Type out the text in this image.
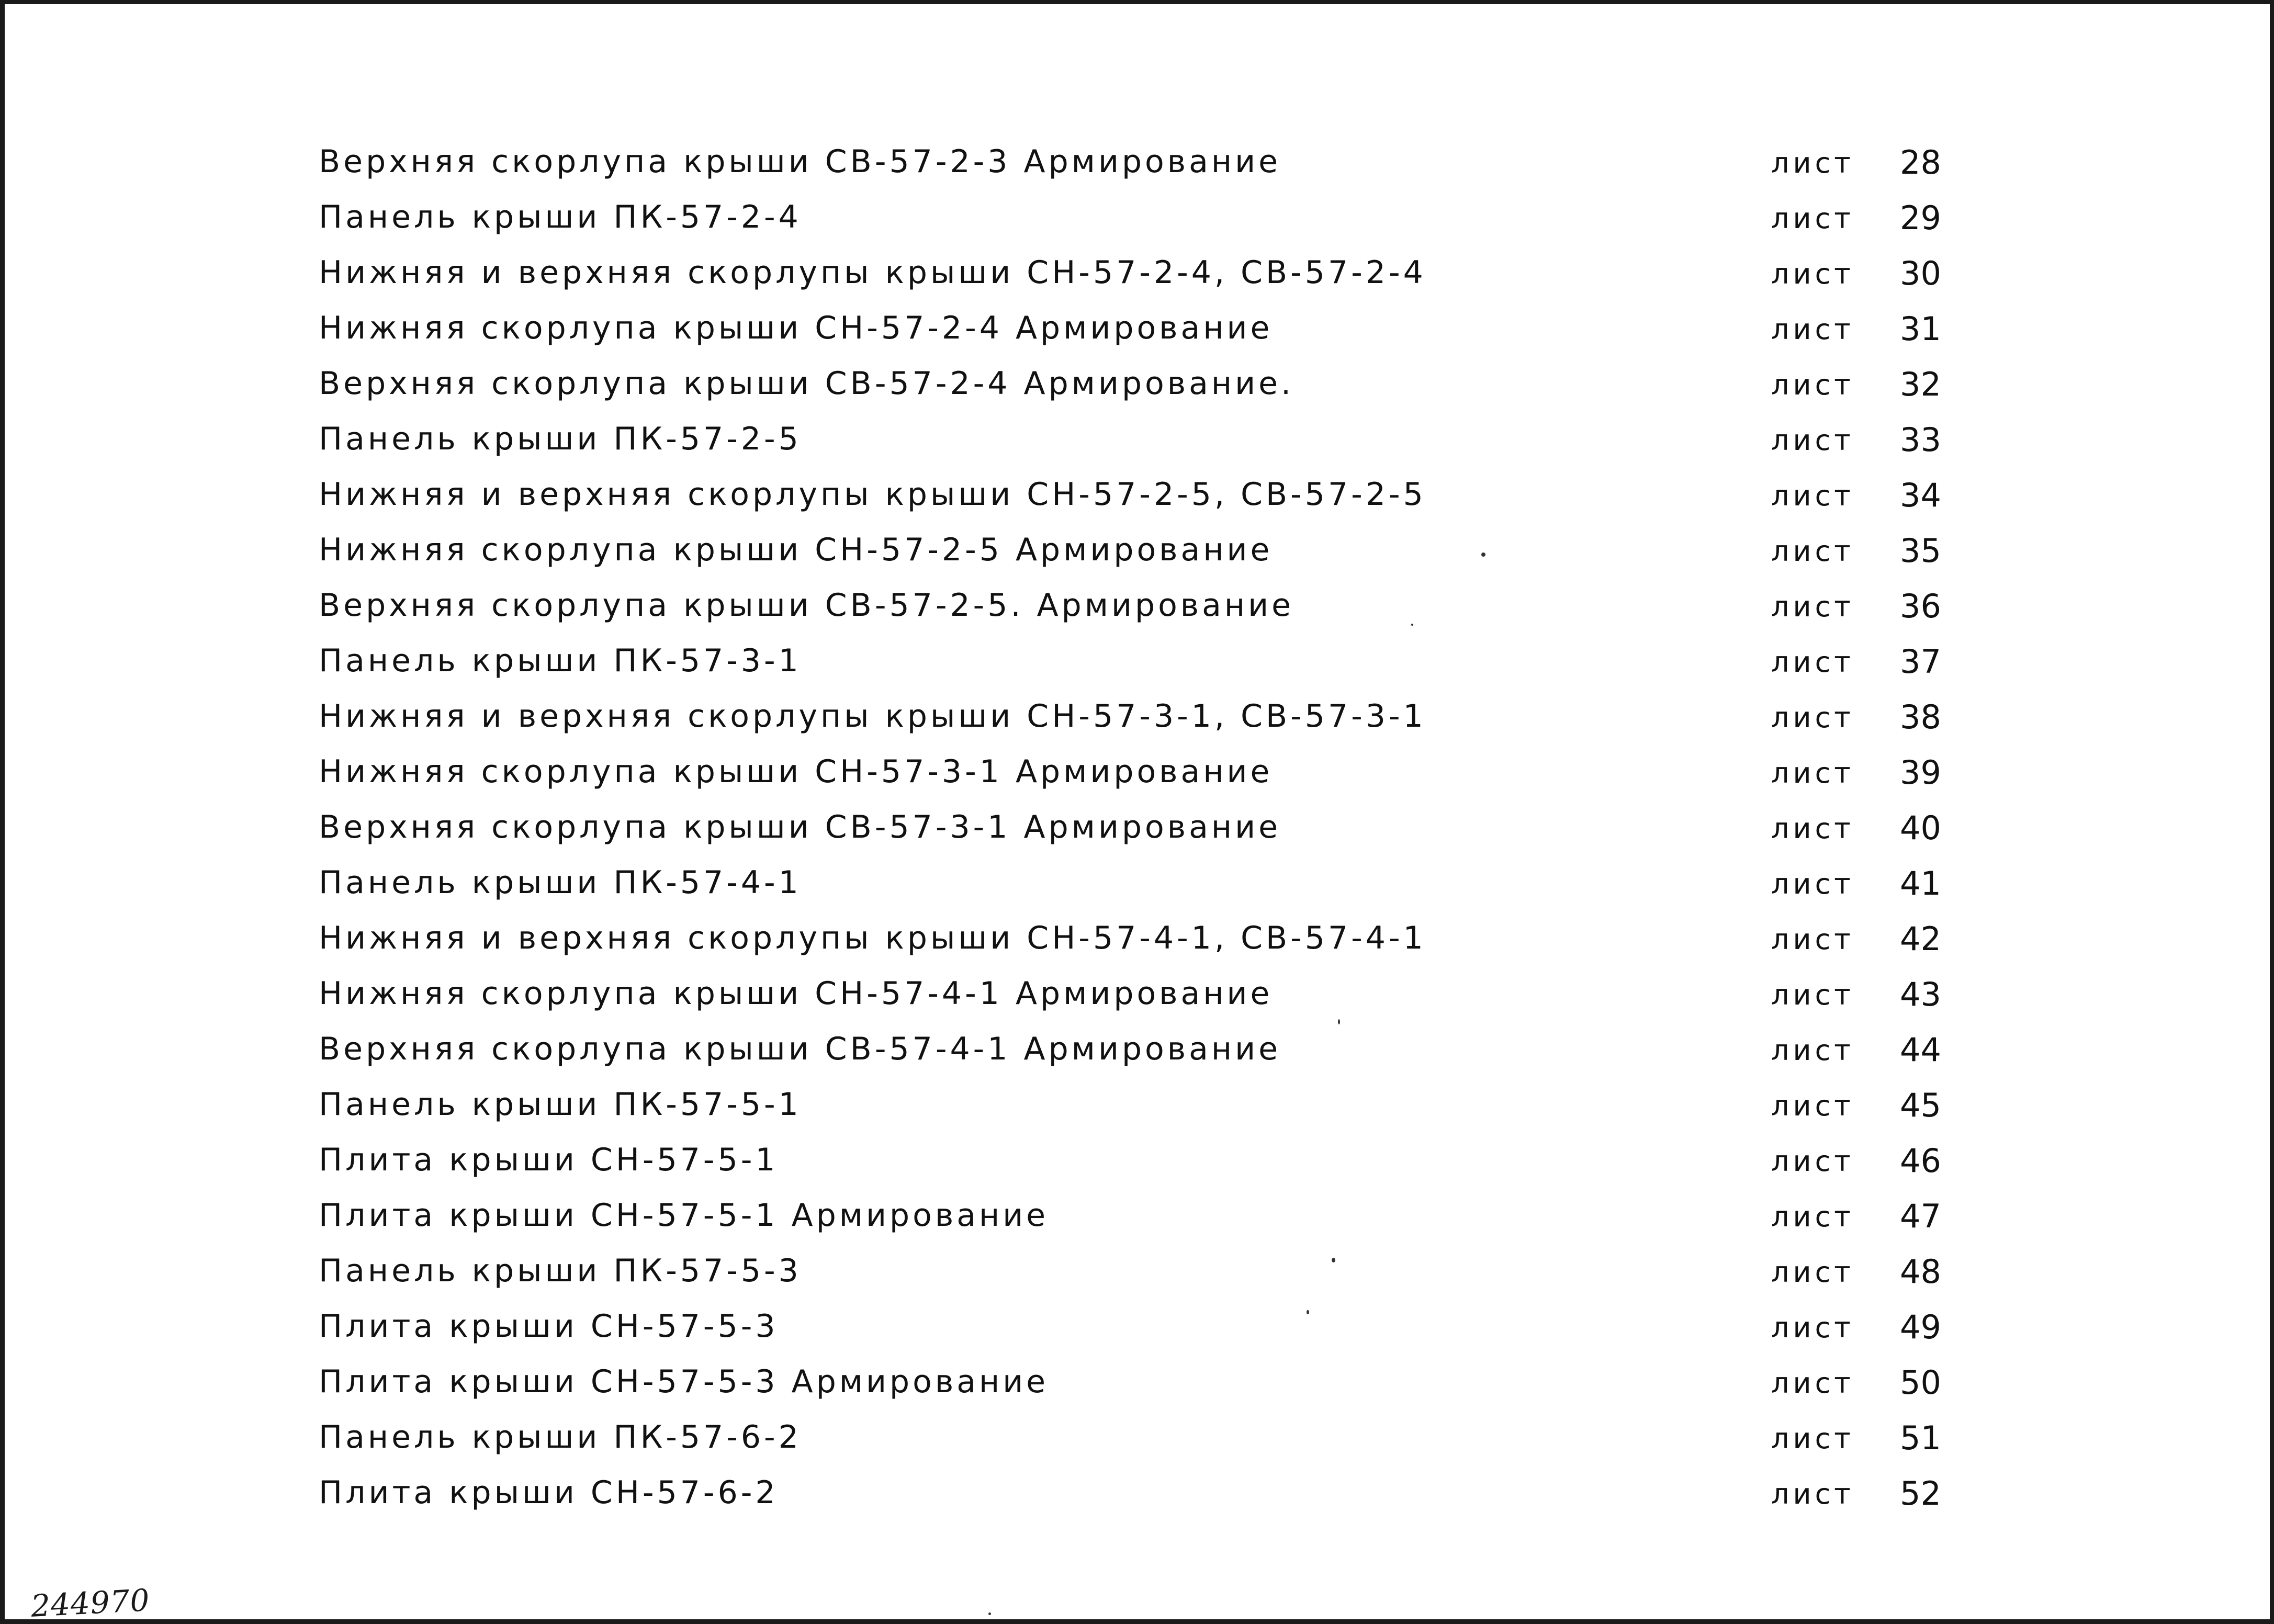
Верхняя скорлупа крыши СВ-57-2-3 Армирование	лист 28
Панель крыши ПК-57-2-4	лист 29
Нижняя и верхняя скорлупы крыши СН-57-2-4, СВ-57-2-4	лист 30
Нижняя скорлупа крыши СН-57-2-4 Армирование	лист 31
Верхняя скорлупа крыши СВ-57-2-4 Армирование.	лист 32
Панель крыши ПК-57-2-5	лист 33
Нижняя и верхняя скорлупы крыши СН-57-2-5, СВ-57-2-5	лист 34
Нижняя скорлупа крыши СН-57-2-5 Армирование	лист 35
Верхняя скорлупа крыши СВ-57-2-5. Армирование	лист 36
Панель крыши ПК-57-3-1	лист 37
Нижняя и верхняя скорлупы крыши СН-57-3-1, СВ-57-3-1	лист 38
Нижняя скорлупа крыши СН-57-3-1 Армирование	лист 39
Верхняя скорлупа крыши СВ-57-3-1 Армирование	лист 40
Панель крыши ПК-57-4-1	лист 41
Нижняя и верхняя скорлупы крыши СН-57-4-1, СВ-57-4-1	лист 42
Нижняя скорлупа крыши СН-57-4-1 Армирование	лист 43
Верхняя скорлупа крыши СВ-57-4-1 Армирование	лист 44
Панель крыши ПК-57-5-1	лист 45
Плита крыши СН-57-5-1	лист 46
Плита крыши СН-57-5-1 Армирование	лист 47
Панель крыши ПК-57-5-3	лист 48
Плита крыши СН-57-5-3	лист 49
Плита крыши СН-57-5-3 Армирование	лист 50
Панель крыши ПК-57-6-2	лист 51
Плита крыши СН-57-6-2	лист 52
244970
